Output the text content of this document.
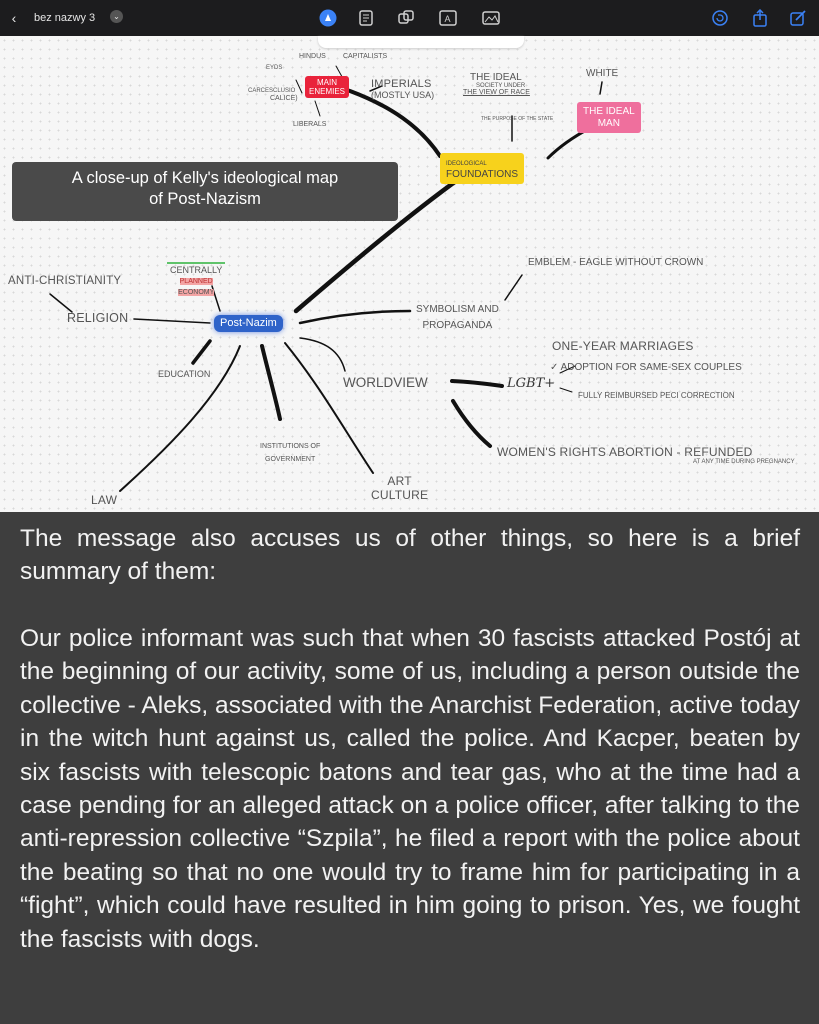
‹	bez nazwy 3	⌄	A
HINDUS CAPITALISTS
EYDS
CARCESCLUSIO
CALICE)
MAIN
ENEMIES
IMPERIALS
(MOSTLY USA)
LIBERALS
THE IDEAL
SOCIETY UNDER
THE VIEW OF RACE
THE PURPOSE OF THE STATE
WHITE
THE IDEAL
MAN
IDEOLOGICAL
FOUNDATIONS
A close-up of Kelly's ideological map
of Post-Nazism
ANTI-CHRISTIANITY
RELIGION
CENTRALLY
PLANNED
ECONOMY
Post-Nazim
EMBLEM - EAGLE WITHOUT CROWN
SYMBOLISM AND
PROPAGANDA
ONE-YEAR MARRIAGES
✓ ADOPTION FOR SAME-SEX COUPLES
WORLDVIEW	LGBT+
FULLY REIMBURSED PECI CORRECTION
WOMEN'S RIGHTS ABORTION - REFUNDED
AT ANY TIME DURING PREGNANCY
EDUCATION
INSTITUTIONS OF
GOVERNMENT
ART
CULTURE
LAW

The message also accuses us of other things, so here is a brief summary of them:

Our police informant was such that when 30 fascists attacked Postój at the beginning of our activity, some of us, including a person outside the collective - Aleks, associated with the Anarchist Federation, active today in the witch hunt against us, called the police. And Kacper, beaten by six fascists with telescopic batons and tear gas, who at the time had a case pending for an alleged attack on a police officer, after talking to the anti-repression collective “Szpila”, he filed a report with the police about the beating so that no one would try to frame him for participating in a “fight”, which could have resulted in him going to prison. Yes, we fought the fascists with dogs.
